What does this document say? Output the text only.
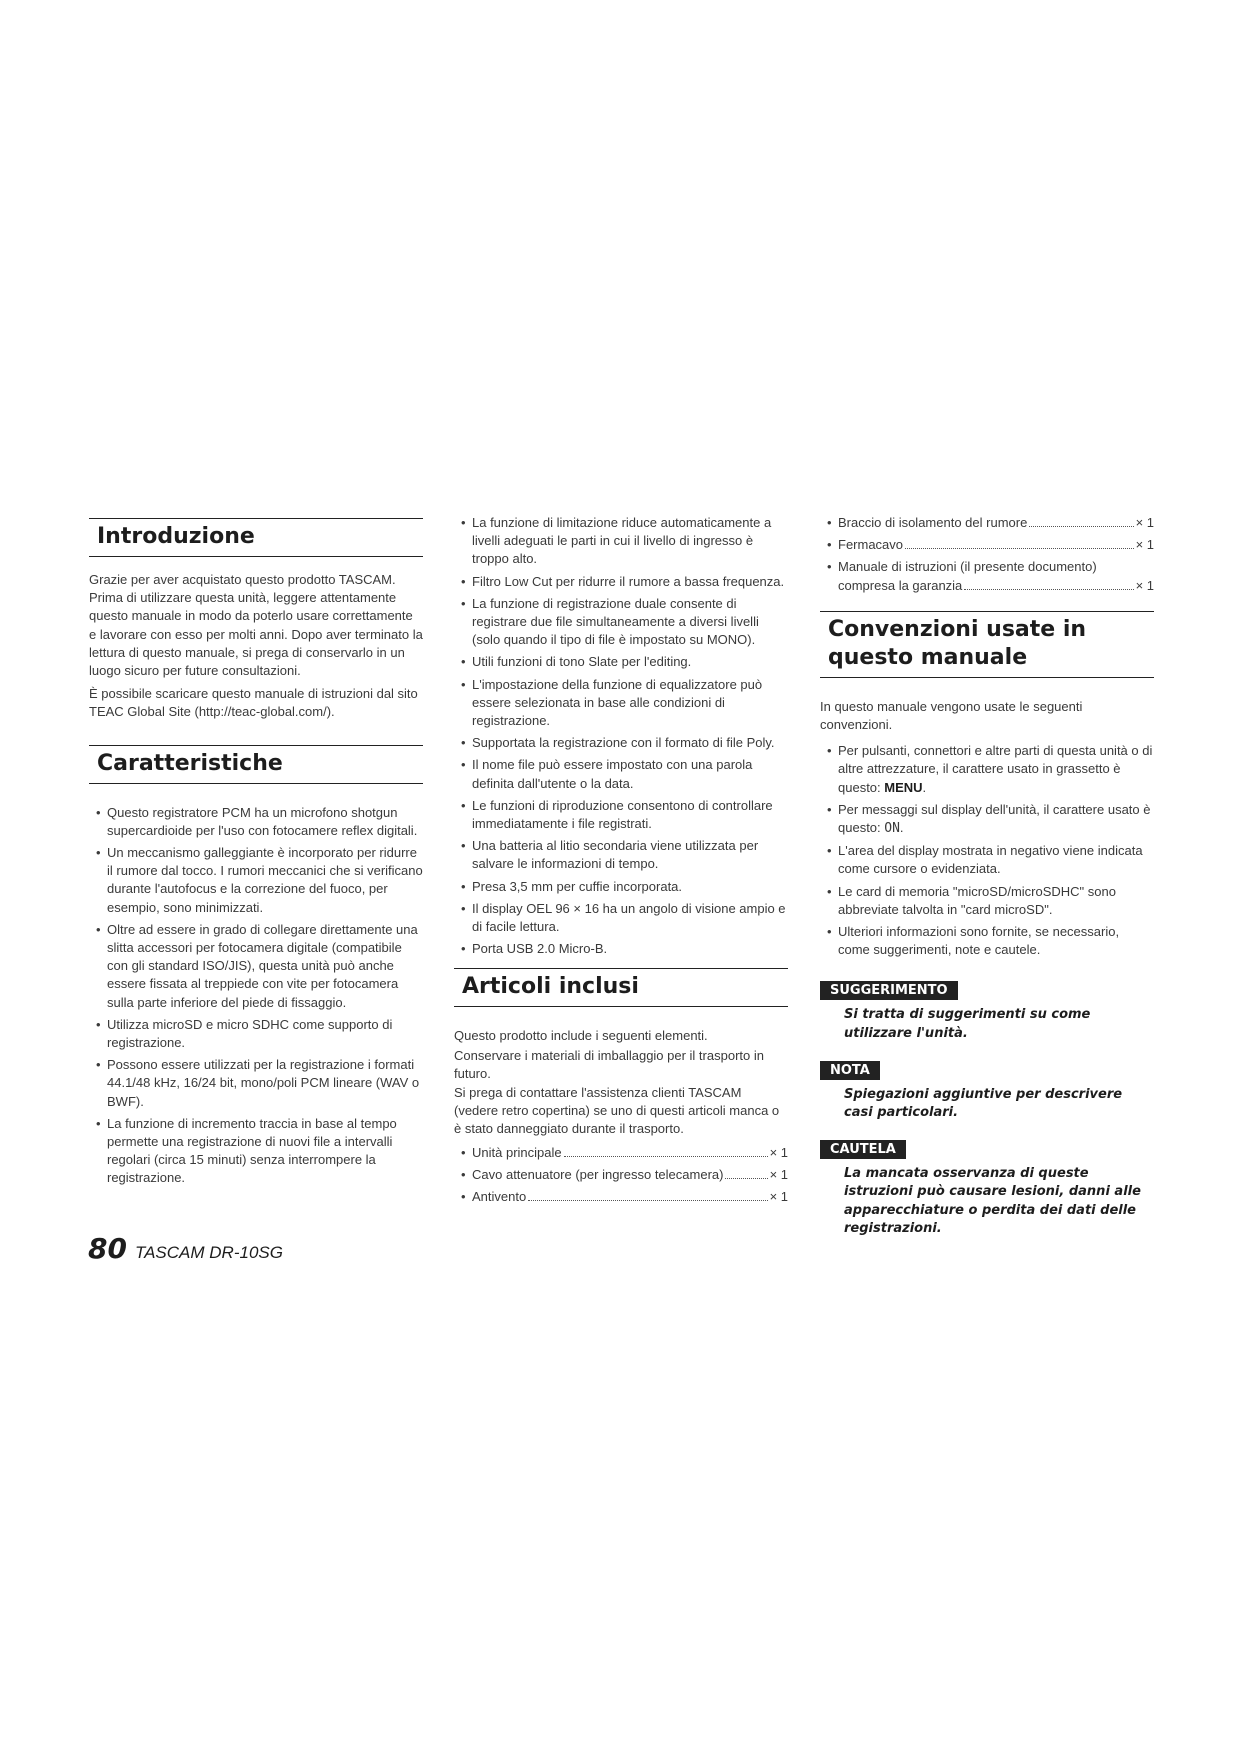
Introduzione

Grazie per aver acquistato questo prodotto TASCAM. Prima di utilizzare questa unità, leggere attentamente questo manuale in modo da poterlo usare correttamente e lavorare con esso per molti anni. Dopo aver terminato la lettura di questo manuale, si prega di conservarlo in un luogo sicuro per future consultazioni.

È possibile scaricare questo manuale di istruzioni dal sito TEAC Global Site (http://teac-global.com/).

Caratteristiche
• Questo registratore PCM ha un microfono shotgun supercardioide per l'uso con fotocamere reflex digitali.
• Un meccanismo galleggiante è incorporato per ridurre il rumore dal tocco. I rumori meccanici che si verificano durante l'autofocus e la correzione del fuoco, per esempio, sono minimizzati.
• Oltre ad essere in grado di collegare direttamente una slitta accessori per fotocamera digitale (compatibile con gli standard ISO/JIS), questa unità può anche essere fissata al treppiede con vite per fotocamera sulla parte inferiore del piede di fissaggio.
• Utilizza microSD e micro SDHC come supporto di registrazione.
• Possono essere utilizzati per la registrazione i formati 44.1/48 kHz, 16/24 bit, mono/poli PCM lineare (WAV o BWF).
• La funzione di incremento traccia in base al tempo permette una registrazione di nuovi file a intervalli regolari (circa 15 minuti) senza interrompere la registrazione.
• La funzione di limitazione riduce automaticamente a livelli adeguati le parti in cui il livello di ingresso è troppo alto.
• Filtro Low Cut per ridurre il rumore a bassa frequenza.
• La funzione di registrazione duale consente di registrare due file simultaneamente a diversi livelli (solo quando il tipo di file è impostato su MONO).
• Utili funzioni di tono Slate per l'editing.
• L'impostazione della funzione di equalizzatore può essere selezionata in base alle condizioni di registrazione.
• Supportata la registrazione con il formato di file Poly.
• Il nome file può essere impostato con una parola definita dall'utente o la data.
• Le funzioni di riproduzione consentono di controllare immediatamente i file registrati.
• Una batteria al litio secondaria viene utilizzata per salvare le informazioni di tempo.
• Presa 3,5 mm per cuffie incorporata.
• Il display OEL 96 × 16 ha un angolo di visione ampio e di facile lettura.
• Porta USB 2.0 Micro-B.
Articoli inclusi

Questo prodotto include i seguenti elementi.

Conservare i materiali di imballaggio per il trasporto in futuro.

Si prega di contattare l'assistenza clienti TASCAM (vedere retro copertina) se uno di questi articoli manca o è stato danneggiato durante il trasporto.

• Unità principale	× 1
• Cavo attenuatore (per ingresso telecamera)	× 1
• Antivento	× 1
• Braccio di isolamento del rumore	× 1
• Fermacavo	× 1
• Manuale di istruzioni (il presente documento)
compresa la garanzia	× 1
Convenzioni usate in questo manuale

In questo manuale vengono usate le seguenti convenzioni.

• Per pulsanti, connettori e altre parti di questa unità o di altre attrezzature, il carattere usato in grassetto è questo: MENU.
• Per messaggi sul display dell'unità, il carattere usato è questo: ON.
• L'area del display mostrata in negativo viene indicata come cursore o evidenziata.
• Le card di memoria "microSD/microSDHC" sono abbreviate talvolta in "card microSD".
• Ulteriori informazioni sono fornite, se necessario, come suggerimenti, note e cautele.
SUGGERIMENTO
Si tratta di suggerimenti su come utilizzare l'unità.
NOTA
Spiegazioni aggiuntive per descrivere casi particolari.
CAUTELA
La mancata osservanza di queste istruzioni può causare lesioni, danni alle apparecchiature o perdita dei dati delle registrazioni.
80 TASCAM DR-10SG
